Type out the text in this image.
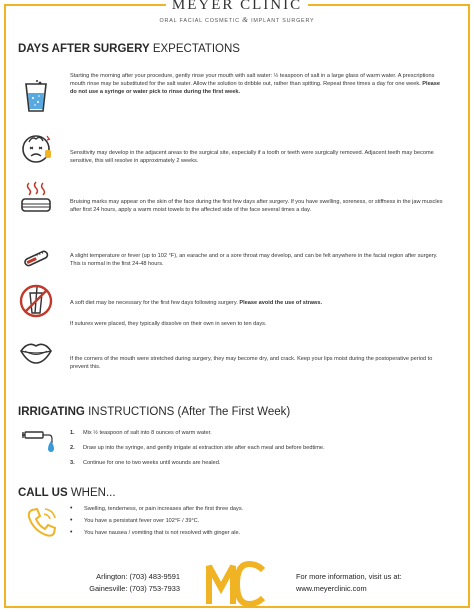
MEYER CLINIC
ORAL FACIAL COSMETIC & IMPLANT SURGERY
DAYS AFTER SURGERY EXPECTATIONS
Starting the morning after your procedure, gently rinse your mouth with salt water: ½ teaspoon of salt in a large glass of warm water. A prescriptions mouth rinse may be substituted for the salt water. Allow the solution to dribble out, rather than spitting. Repeat three times a day for one week. Please do not use a syringe or water pick to rinse during the first week.
Sensitivity may develop in the adjacent areas to the surgical site, especially if a tooth or teeth were surgically removed. Adjacent teeth may become sensitive, this will resolve in approximately 2 weeks.
Bruising marks may appear on the skin of the face during the first few days after surgery. If you have swelling, soreness, or stiffness in the jaw muscles after first 24 hours, apply a warm moist towels to the affected side of the face several times a day.
A slight temperature or fever (up to 102 °F), an earache and or a sore throat may develop, and can be felt anywhere in the facial region after surgery. This is normal in the first 24-48 hours.
A soft diet may be necessary for the first few days following surgery. Please avoid the use of straws.
If sutures were placed, they typically dissolve on their own in seven to ten days.
If the corners of the mouth were stretched during surgery, they may become dry, and crack. Keep your lips moist during the postoperative period to prevent this.
IRRIGATING INSTRUCTIONS (After The First Week)
1. Mix ½ teaspoon of salt into 8 ounces of warm water.
2. Draw up into the syringe, and gently irrigate at extraction site after each meal and before bedtime.
3. Continue for one to two weeks until wounds are healed.
CALL US WHEN...
• Swelling, tenderness, or pain increases after the first three days.
• You have a persistant fever over 102°F / 39°C.
• You have nausea / vomiting that is not resolved with ginger ale.
Arlington: (703) 483-9591
Gainesville: (703) 753-7933
For more information, visit us at:
www.meyerclinic.com
